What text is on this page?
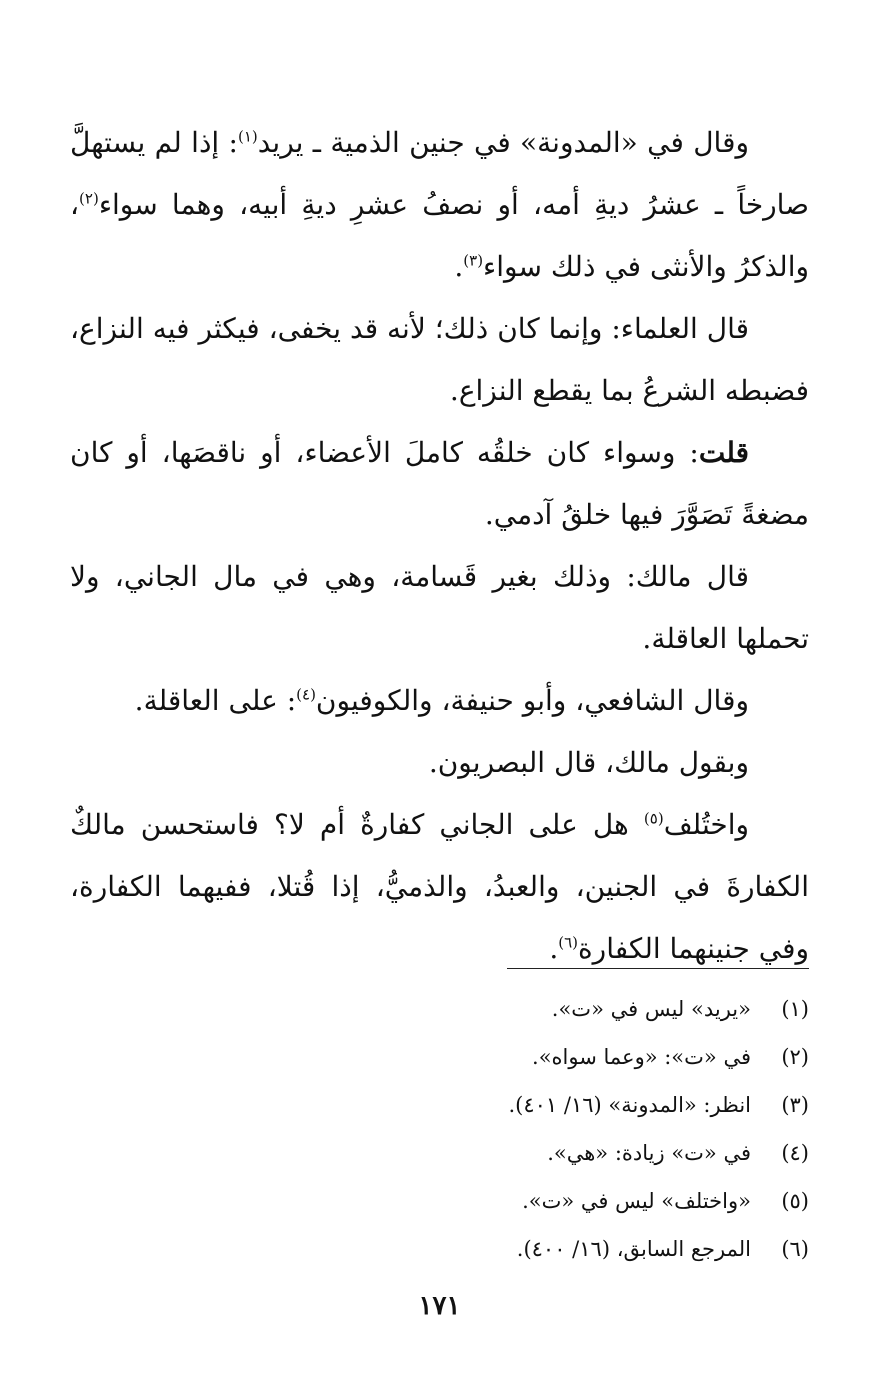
وقال في «المدونة» في جنين الذمية ـ يريد$^{(١)}$: إذا لم يستهلَّ صارخاً ـ عشرُ ديةِ أمه، أو نصفُ عشرِ ديةِ أبيه، وهما سواء$^{(٢)}$، والذكرُ والأنثى في ذلك سواء$^{(٣)}$.

قال العلماء: وإنما كان ذلك؛ لأنه قد يخفى، فيكثر فيه النزاع، فضبطه الشرعُ بما يقطع النزاع.

قلت: وسواء كان خلقُه كاملَ الأعضاء، أو ناقصَها، أو كان مضغةً تَصَوَّرَ فيها خلقُ آدمي.

قال مالك: وذلك بغير قَسامة، وهي في مال الجاني، ولا تحملها العاقلة.

وقال الشافعي، وأبو حنيفة، والكوفيون$^{(٤)}$: على العاقلة.

وبقول مالك، قال البصريون.

واختُلف$^{(٥)}$ هل على الجاني كفارةٌ أم لا؟ فاستحسن مالكٌ الكفارةَ في الجنين، والعبدُ، والذميُّ، إذا قُتلا، ففيهما الكفارة، وفي جنينهما الكفارة$^{(٦)}$.

(١)
«يريد» ليس في «ت».
(٢)
في «ت»: «وعما سواه».
(٣)
انظر: «المدونة» (١٦/ ٤٠١).
(٤)
في «ت» زيادة: «هي».
(٥)
«واختلف» ليس في «ت».
(٦)
المرجع السابق، (١٦/ ٤٠٠).
١٧١
